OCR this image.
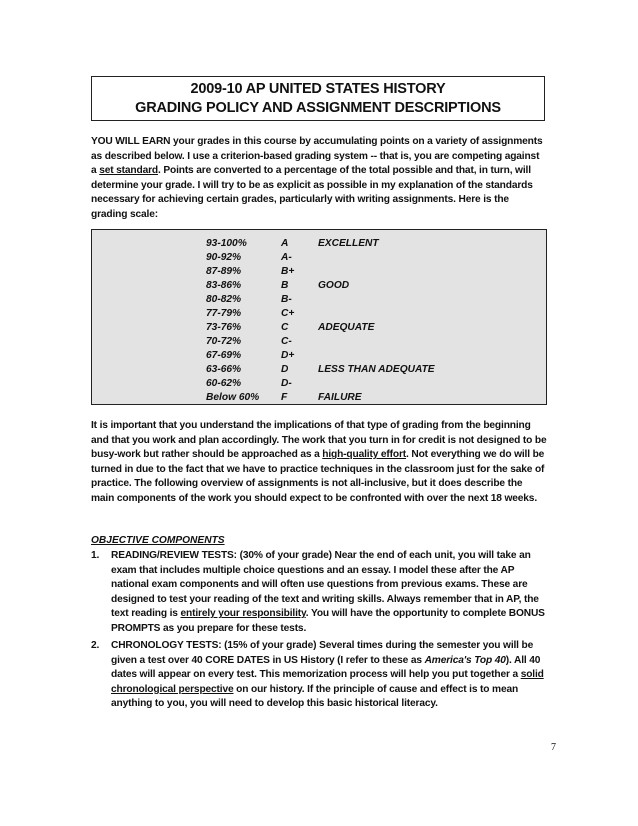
2009-10 AP UNITED STATES HISTORY
GRADING POLICY AND ASSIGNMENT DESCRIPTIONS
YOU WILL EARN your grades in this course by accumulating points on a variety of assignments as described below. I use a criterion-based grading system -- that is, you are competing against a set standard. Points are converted to a percentage of the total possible and that, in turn, will determine your grade. I will try to be as explicit as possible in my explanation of the standards necessary for achieving certain grades, particularly with writing assignments. Here is the grading scale:
93-100%	A	EXCELLENT
90-92%	A-
87-89%	B+
83-86%	B	GOOD
80-82%	B-
77-79%	C+
73-76%	C	ADEQUATE
70-72%	C-
67-69%	D+
63-66%	D	LESS THAN ADEQUATE
60-62%	D-
Below 60% F	FAILURE
It is important that you understand the implications of that type of grading from the beginning and that you work and plan accordingly. The work that you turn in for credit is not designed to be busy-work but rather should be approached as a high-quality effort. Not everything we do will be turned in due to the fact that we have to practice techniques in the classroom just for the sake of practice. The following overview of assignments is not all-inclusive, but it does describe the main components of the work you should expect to be confronted with over the next 18 weeks.
OBJECTIVE COMPONENTS
1. READING/REVIEW TESTS: (30% of your grade) Near the end of each unit, you will take an exam that includes multiple choice questions and an essay. I model these after the AP national exam components and will often use questions from previous exams. These are designed to test your reading of the text and writing skills. Always remember that in AP, the text reading is entirely your responsibility. You will have the opportunity to complete BONUS PROMPTS as you prepare for these tests.
2. CHRONOLOGY TESTS: (15% of your grade) Several times during the semester you will be given a test over 40 CORE DATES in US History (I refer to these as America's Top 40). All 40 dates will appear on every test. This memorization process will help you put together a solid chronological perspective on our history. If the principle of cause and effect is to mean anything to you, you will need to develop this basic historical literacy.
7
